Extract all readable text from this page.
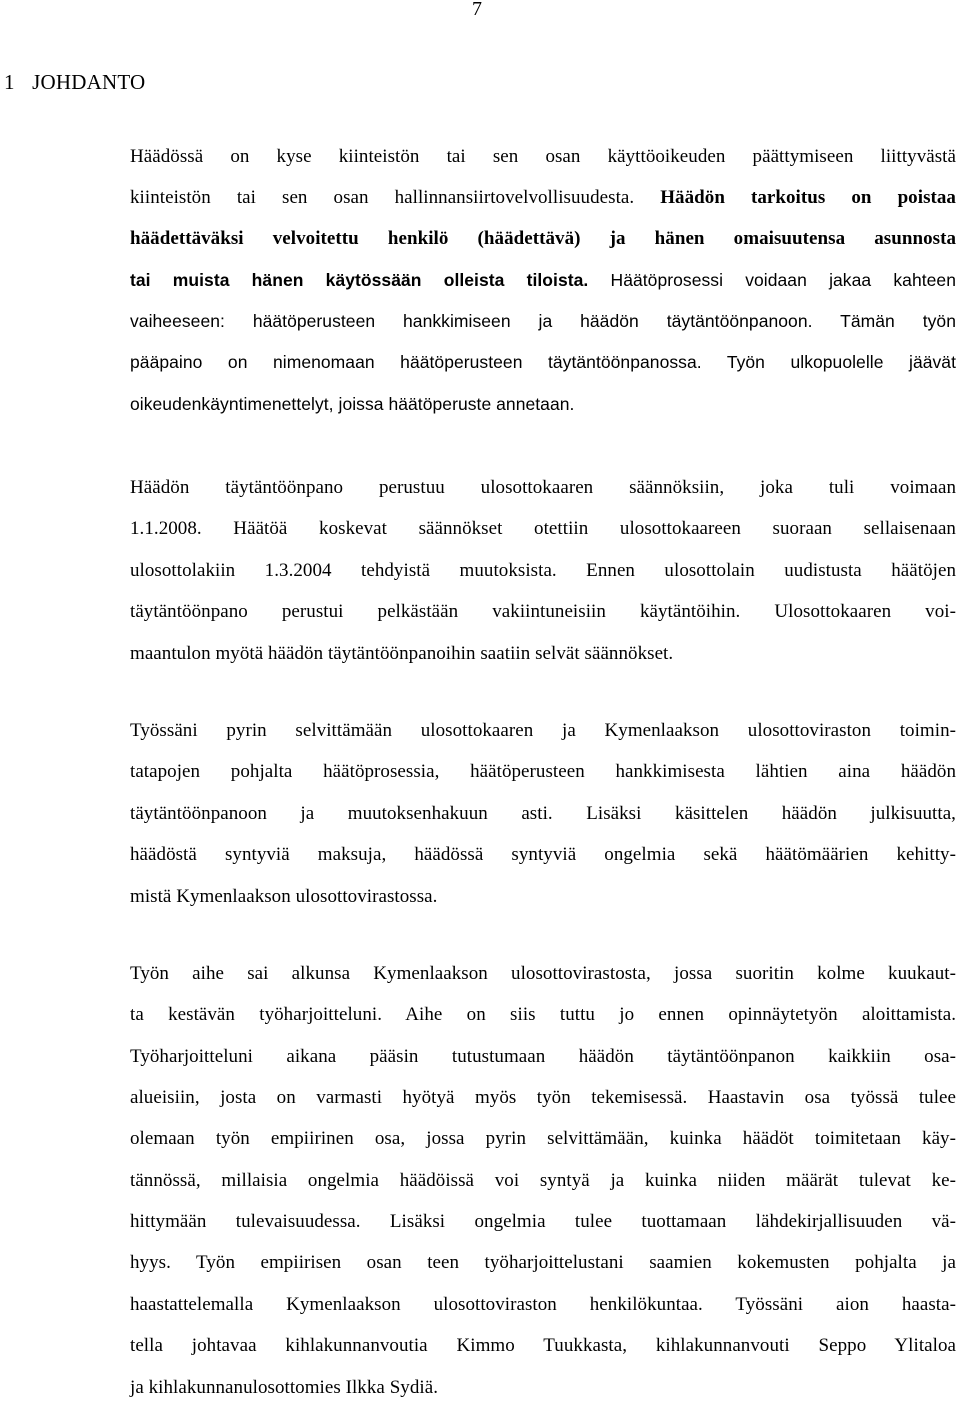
7
1 JOHDANTO
Häädössä on kyse kiinteistön tai sen osan käyttöoikeuden päättymiseen liittyvästä
kiinteistön tai sen osan hallinnansiirtovelvollisuudesta. Häädön tarkoitus on poistaa
häädettäväksi velvoitettu henkilö (häädettävä) ja hänen omaisuutensa asunnosta
tai muista hänen käytössään olleista tiloista. Häätöprosessi voidaan jakaa kahteen
vaiheeseen: häätöperusteen hankkimiseen ja häädön täytäntöönpanoon. Tämän työn
pääpaino on nimenomaan häätöperusteen täytäntöönpanossa. Työn ulkopuolelle jäävät
oikeudenkäyntimenettelyt, joissa häätöperuste annetaan.
Häädön täytäntöönpano perustuu ulosottokaaren säännöksiin, joka tuli voimaan
1.1.2008. Häätöä koskevat säännökset otettiin ulosottokaareen suoraan sellaisenaan
ulosottolakiin 1.3.2004 tehdyistä muutoksista. Ennen ulosottolain uudistusta häätöjen
täytäntöönpano perustui pelkästään vakiintuneisiin käytäntöihin. Ulosottokaaren voi-
maantulon myötä häädön täytäntöönpanoihin saatiin selvät säännökset.
Työssäni pyrin selvittämään ulosottokaaren ja Kymenlaakson ulosottoviraston toimin-
tatapojen pohjalta häätöprosessia, häätöperusteen hankkimisesta lähtien aina häädön
täytäntöönpanoon ja muutoksenhakuun asti. Lisäksi käsittelen häädön julkisuutta,
häädöstä syntyviä maksuja, häädössä syntyviä ongelmia sekä häätömäärien kehitty-
mistä Kymenlaakson ulosottovirastossa.
Työn aihe sai alkunsa Kymenlaakson ulosottovirastosta, jossa suoritin kolme kuukaut-
ta kestävän työharjoitteluni. Aihe on siis tuttu jo ennen opinnäytetyön aloittamista.
Työharjoitteluni aikana pääsin tutustumaan häädön täytäntöönpanon kaikkiin osa-
alueisiin, josta on varmasti hyötyä myös työn tekemisessä. Haastavin osa työssä tulee
olemaan työn empiirinen osa, jossa pyrin selvittämään, kuinka häädöt toimitetaan käy-
tännössä, millaisia ongelmia häädöissä voi syntyä ja kuinka niiden määrät tulevat ke-
hittymään tulevaisuudessa. Lisäksi ongelmia tulee tuottamaan lähdekirjallisuuden vä-
hyys. Työn empiirisen osan teen työharjoittelustani saamien kokemusten pohjalta ja
haastattelemalla Kymenlaakson ulosottoviraston henkilökuntaa. Työssäni aion haasta-
tella johtavaa kihlakunnanvoutia Kimmo Tuukkasta, kihlakunnanvouti Seppo Ylitaloa
ja kihlakunnanulosottomies Ilkka Sydiä.
